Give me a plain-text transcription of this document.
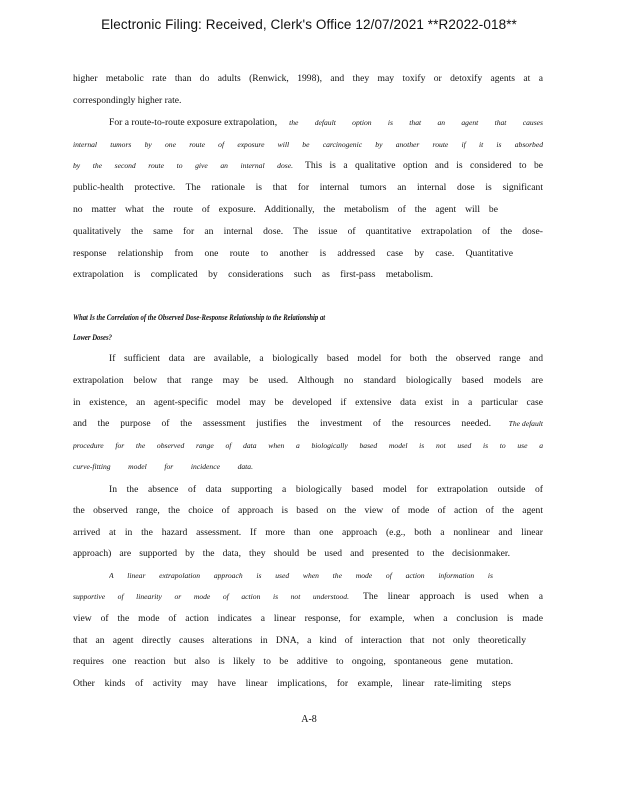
Electronic Filing: Received, Clerk's Office 12/07/2021 **R2022-018**
higher metabolic rate than do adults (Renwick, 1998), and they may toxify or detoxify agents at a
correspondingly higher rate.
For a route-to-route exposure extrapolation,	the default option is that an agent that causes
internal tumors by one route of exposure will be carcinogenic by another route if it is absorbed
by the second route to give an internal dose.	This is a qualitative option and is considered to be
public-health protective. The rationale is that for internal tumors an internal dose is significant
no matter what the route of exposure. Additionally, the metabolism of the agent will be
qualitatively the same for an internal dose. The issue of quantitative extrapolation of the dose-
response relationship from one route to another is addressed case by case. Quantitative
extrapolation is complicated by considerations such as first-pass metabolism.
What Is the Correlation of the Observed Dose-Response Relationship to the Relationship at
Lower Doses?
If sufficient data are available, a biologically based model for both the observed range and
extrapolation below that range may be used. Although no standard biologically based models are
in existence, an agent-specific model may be developed if extensive data exist in a particular case
and the purpose of the assessment justifies the investment of the resources needed.	The default
procedure for the observed range of data when a biologically based model is not used is to use a
curve-fitting model for incidence data.
In the absence of data supporting a biologically based model for extrapolation outside of
the observed range, the choice of approach is based on the view of mode of action of the agent
arrived at in the hazard assessment. If more than one approach (e.g., both a nonlinear and linear
approach) are supported by the data, they should be used and presented to the decisionmaker.
A linear extrapolation approach is used when the mode of action information is
supportive of linearity or mode of action is not understood.	The linear approach is used when a
view of the mode of action indicates a linear response, for example, when a conclusion is made
that an agent directly causes alterations in DNA, a kind of interaction that not only theoretically
requires one reaction but also is likely to be additive to ongoing, spontaneous gene mutation.
Other kinds of activity may have linear implications, for example, linear rate-limiting steps
A-8
